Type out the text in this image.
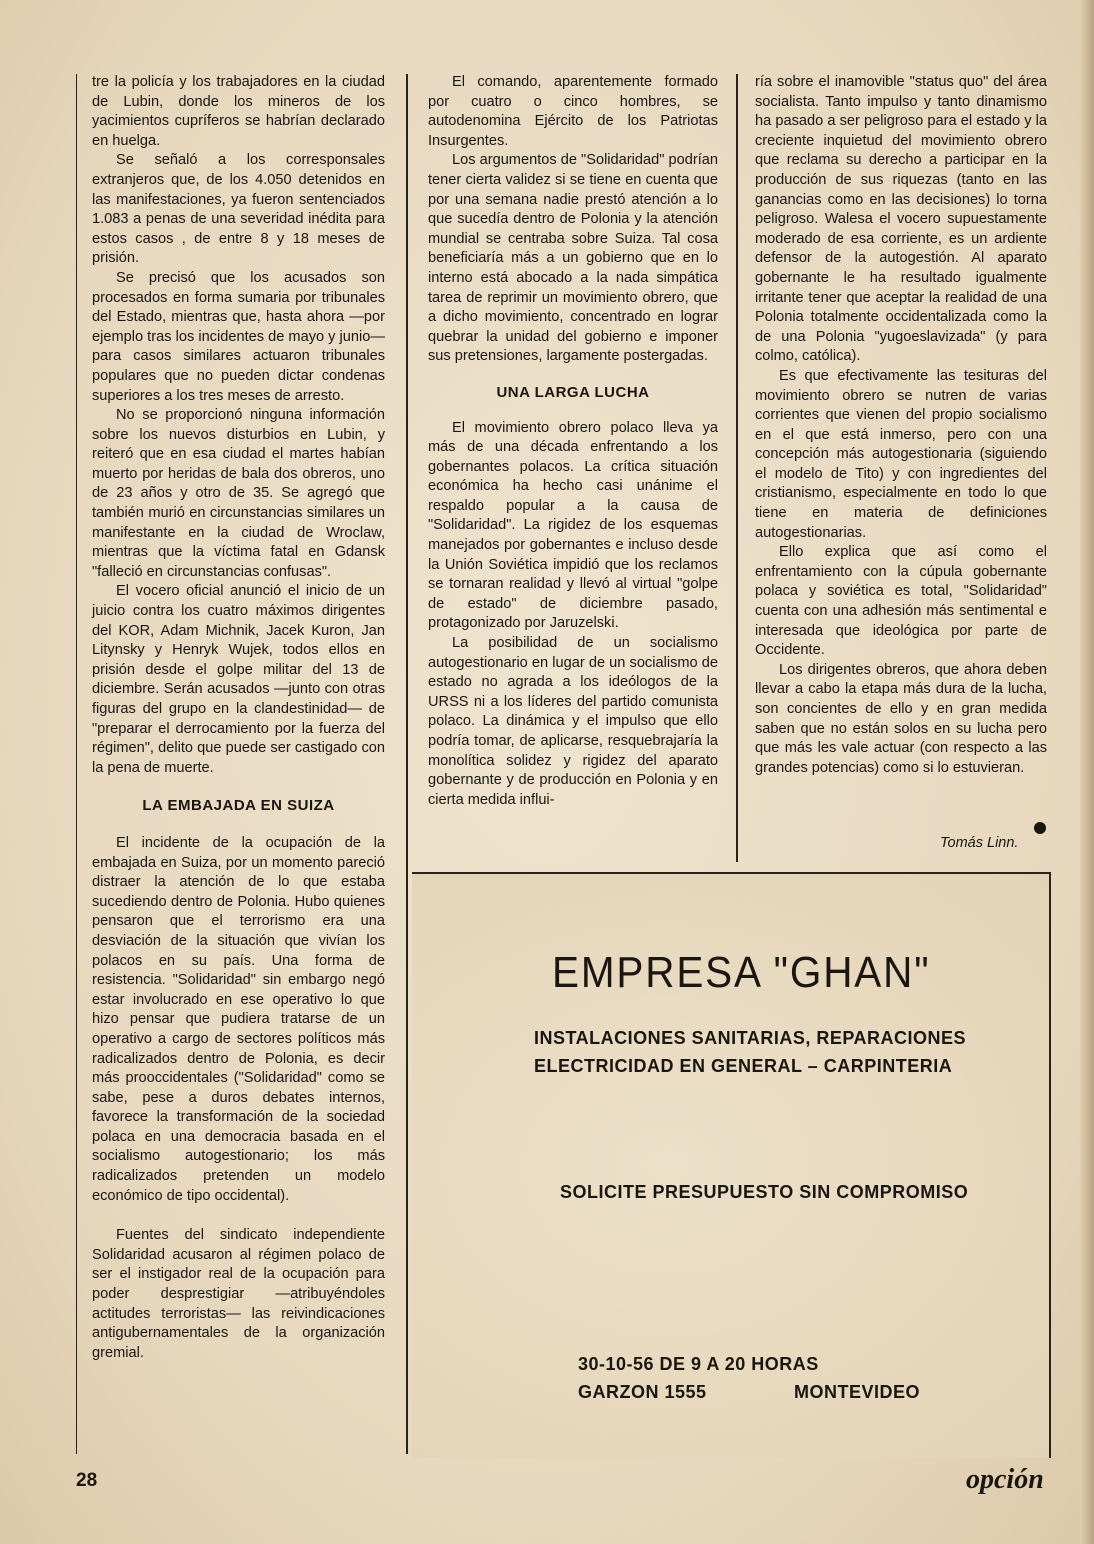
tre la policía y los trabajadores en la ciudad de Lubin, donde los mineros de los yacimientos cupríferos se habrían declarado en huelga.

Se señaló a los corresponsales extranjeros que, de los 4.050 detenidos en las manifestaciones, ya fueron sentenciados 1.083 a penas de una severidad inédita para estos casos , de entre 8 y 18 meses de prisión.

Se precisó que los acusados son procesados en forma sumaria por tribunales del Estado, mientras que, hasta ahora —por ejemplo tras los incidentes de mayo y junio— para casos similares actuaron tribunales populares que no pueden dictar condenas superiores a los tres meses de arresto.

No se proporcionó ninguna información sobre los nuevos disturbios en Lubin, y reiteró que en esa ciudad el martes habían muerto por heridas de bala dos obreros, uno de 23 años y otro de 35. Se agregó que también murió en circunstancias similares un manifestante en la ciudad de Wroclaw, mientras que la víctima fatal en Gdansk "falleció en circunstancias confusas".

El vocero oficial anunció el inicio de un juicio contra los cuatro máximos dirigentes del KOR, Adam Michnik, Jacek Kuron, Jan Litynsky y Henryk Wujek, todos ellos en prisión desde el golpe militar del 13 de diciembre. Serán acusados —junto con otras figuras del grupo en la clandestinidad— de "preparar el derrocamiento por la fuerza del régimen", delito que puede ser castigado con la pena de muerte.

LA EMBAJADA EN SUIZA

El incidente de la ocupación de la embajada en Suiza, por un momento pareció distraer la atención de lo que estaba sucediendo dentro de Polonia. Hubo quienes pensaron que el terrorismo era una desviación de la situación que vivían los polacos en su país. Una forma de resistencia. "Solidaridad" sin embargo negó estar involucrado en ese operativo lo que hizo pensar que pudiera tratarse de un operativo a cargo de sectores políticos más radicalizados dentro de Polonia, es decir más prooccidentales ("Solidaridad" como se sabe, pese a duros debates internos, favorece la transformación de la sociedad polaca en una democracia basada en el socialismo autogestionario; los más radicalizados pretenden un modelo económico de tipo occidental).

Fuentes del sindicato independiente Solidaridad acusaron al régimen polaco de ser el instigador real de la ocupación para poder desprestigiar —atribuyéndoles actitudes terroristas— las reivindicaciones antigubernamentales de la organización gremial.

El comando, aparentemente formado por cuatro o cinco hombres, se autodenomina Ejército de los Patriotas Insurgentes.

Los argumentos de "Solidaridad" podrían tener cierta validez si se tiene en cuenta que por una semana nadie prestó atención a lo que sucedía dentro de Polonia y la atención mundial se centraba sobre Suiza. Tal cosa beneficiaría más a un gobierno que en lo interno está abocado a la nada simpática tarea de reprimir un movimiento obrero, que a dicho movimiento, concentrado en lograr quebrar la unidad del gobierno e imponer sus pretensiones, largamente postergadas.

UNA LARGA LUCHA

El movimiento obrero polaco lleva ya más de una década enfrentando a los gobernantes polacos. La crítica situación económica ha hecho casi unánime el respaldo popular a la causa de "Solidaridad". La rigidez de los esquemas manejados por gobernantes e incluso desde la Unión Soviética impidió que los reclamos se tornaran realidad y llevó al virtual "golpe de estado" de diciembre pasado, protagonizado por Jaruzelski.

La posibilidad de un socialismo autogestionario en lugar de un socialismo de estado no agrada a los ideólogos de la URSS ni a los líderes del partido comunista polaco. La dinámica y el impulso que ello podría tomar, de aplicarse, resquebrajaría la monolítica solidez y rigidez del aparato gobernante y de producción en Polonia y en cierta medida influi-

ría sobre el inamovible "status quo" del área socialista. Tanto impulso y tanto dinamismo ha pasado a ser peligroso para el estado y la creciente inquietud del movimiento obrero que reclama su derecho a participar en la producción de sus riquezas (tanto en las ganancias como en las decisiones) lo torna peligroso. Walesa el vocero supuestamente moderado de esa corriente, es un ardiente defensor de la autogestión. Al aparato gobernante le ha resultado igualmente irritante tener que aceptar la realidad de una Polonia totalmente occidentalizada como la de una Polonia "yugoeslavizada" (y para colmo, católica).

Es que efectivamente las tesituras del movimiento obrero se nutren de varias corrientes que vienen del propio socialismo en el que está inmerso, pero con una concepción más autogestionaria (siguiendo el modelo de Tito) y con ingredientes del cristianismo, especialmente en todo lo que tiene en materia de definiciones autogestionarias.

Ello explica que así como el enfrentamiento con la cúpula gobernante polaca y soviética es total, "Solidaridad" cuenta con una adhesión más sentimental e interesada que ideológica por parte de Occidente.

Los dirigentes obreros, que ahora deben llevar a cabo la etapa más dura de la lucha, son concientes de ello y en gran medida saben que no están solos en su lucha pero que más les vale actuar (con respecto a las grandes potencias) como si lo estuvieran.

Tomás Linn.
EMPRESA "GHAN"
INSTALACIONES SANITARIAS, REPARACIONES
ELECTRICIDAD EN GENERAL – CARPINTERIA
SOLICITE PRESUPUESTO SIN COMPROMISO
30-10-56 DE 9 A 20 HORAS
GARZON 1555	MONTEVIDEO
28	opción
